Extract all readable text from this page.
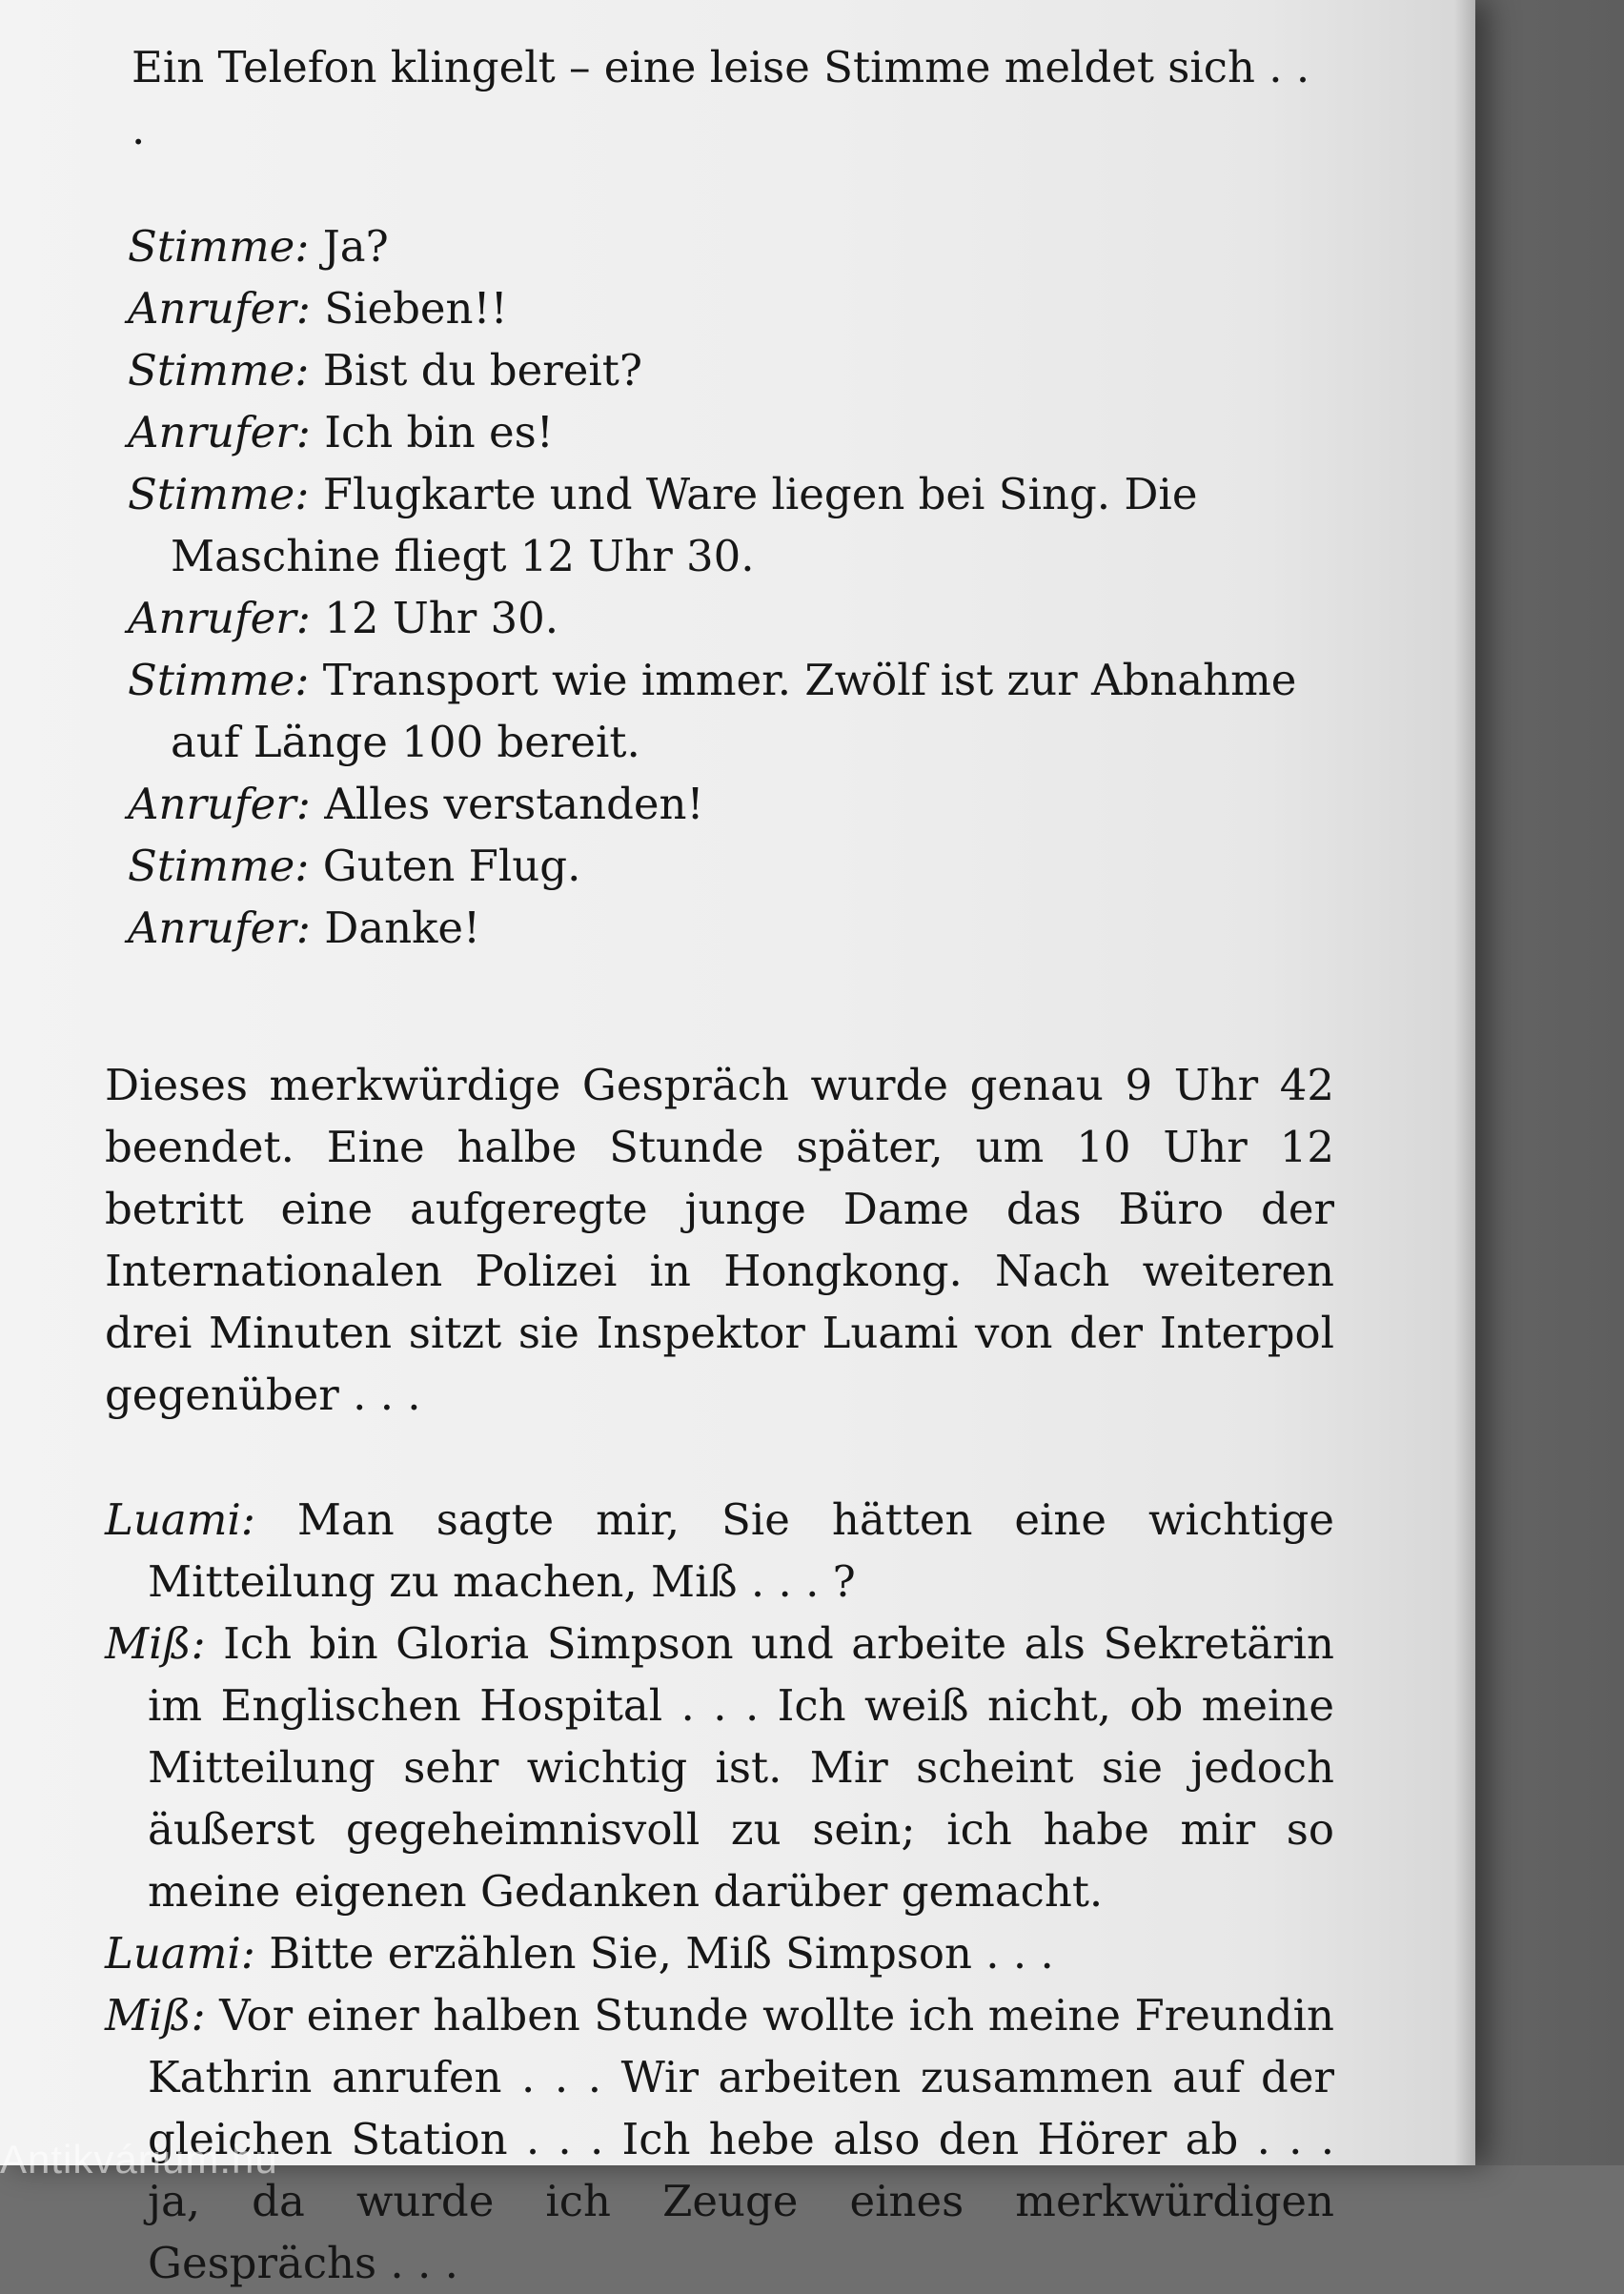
Ein Telefon klingelt – eine leise Stimme meldet sich . . .

Stimme: Ja?

Anrufer: Sieben!!

Stimme: Bist du bereit?

Anrufer: Ich bin es!

Stimme: Flugkarte und Ware liegen bei Sing. Die Maschine fliegt 12 Uhr 30.

Anrufer: 12 Uhr 30.

Stimme: Transport wie immer. Zwölf ist zur Abnahme auf Länge 100 bereit.

Anrufer: Alles verstanden!

Stimme: Guten Flug.

Anrufer: Danke!

Dieses merkwürdige Gespräch wurde genau 9 Uhr 42 beendet. Eine halbe Stunde später, um 10 Uhr 12 betritt eine aufgeregte junge Dame das Büro der Internationalen Polizei in Hongkong. Nach weiteren drei Minuten sitzt sie Inspektor Luami von der Interpol gegenüber . . .

Luami: Man sagte mir, Sie hätten eine wichtige Mitteilung zu machen, Miß . . . ?

Miß: Ich bin Gloria Simpson und arbeite als Sekretärin im Englischen Hospital . . . Ich weiß nicht, ob meine Mitteilung sehr wichtig ist. Mir scheint sie jedoch äußerst gegeheimnisvoll zu sein; ich habe mir so meine eigenen Gedanken darüber gemacht.

Luami: Bitte erzählen Sie, Miß Simpson . . .

Miß: Vor einer halben Stunde wollte ich meine Freundin Kathrin anrufen . . . Wir arbeiten zusammen auf der gleichen Station . . . Ich hebe also den Hörer ab . . . ja, da wurde ich Zeuge eines merkwürdigen Gesprächs . . .

Antikvárium.hu
